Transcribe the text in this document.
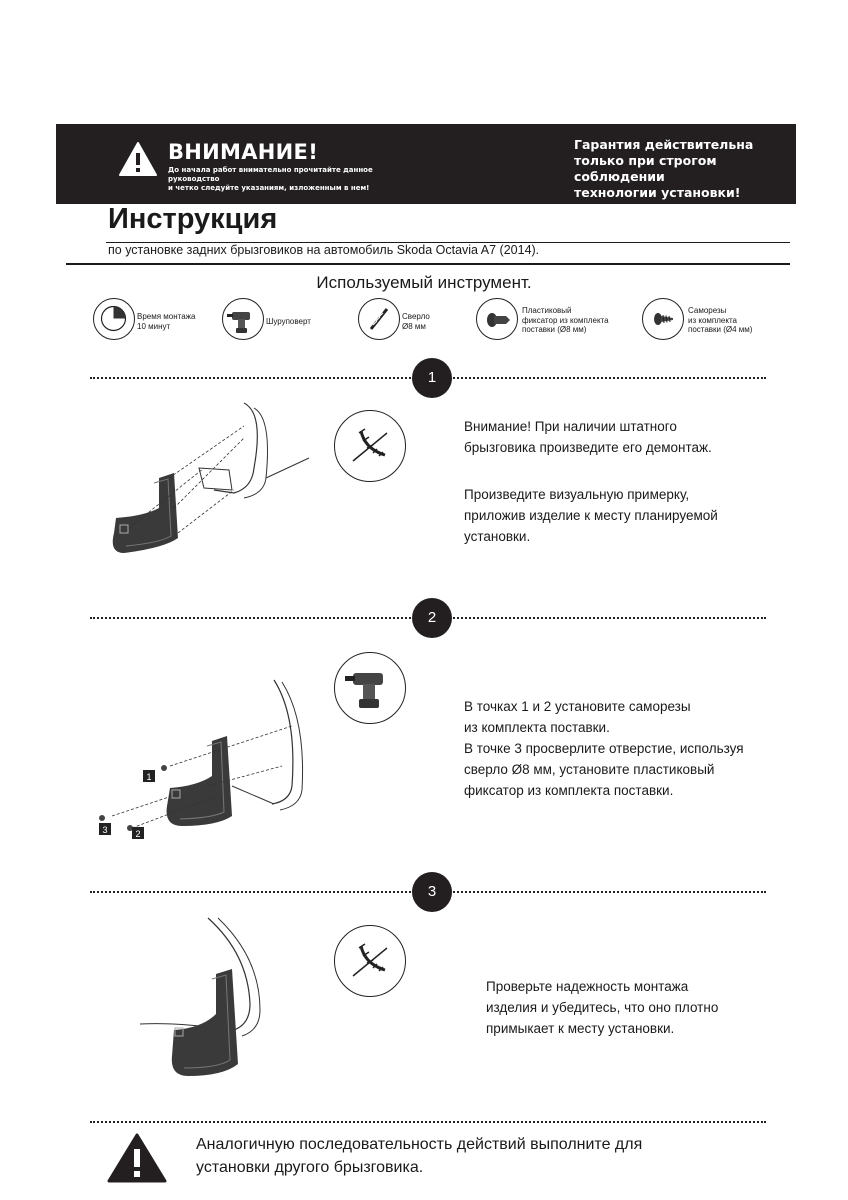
ВНИМАНИЕ!
До начала работ внимательно прочитайте данное руководство
и четко следуйте указаниям, изложенным в нем!
Гарантия действительна
только при строгом соблюдении
технологии установки!
Инструкция
по установке задних брызговиков на автомобиль Skoda Octavia A7 (2014).
Используемый инструмент.
Время монтажа
10 минут	Шуруповерт
Сверло
Ø8 мм
Пластиковый
фиксатор из комплекта
поставки (Ø8 мм)
Саморезы
из комплекта
поставки (Ø4 мм)
1

Внимание! При наличии штатного
брызговика произведите его демонтаж.

Произведите визуальную примерку,
приложив изделие к месту планируемой
установки.

2
1
3	2

В точках 1 и 2 установите саморезы
из комплекта поставки.
В точке 3 просверлите отверстие, используя
сверло Ø8 мм, установите пластиковый
фиксатор из комплекта поставки.

3

Проверьте надежность монтажа
изделия и убедитесь, что оно плотно
примыкает к месту установки.

Аналогичную последовательность действий выполните для
установки другого брызговика.
